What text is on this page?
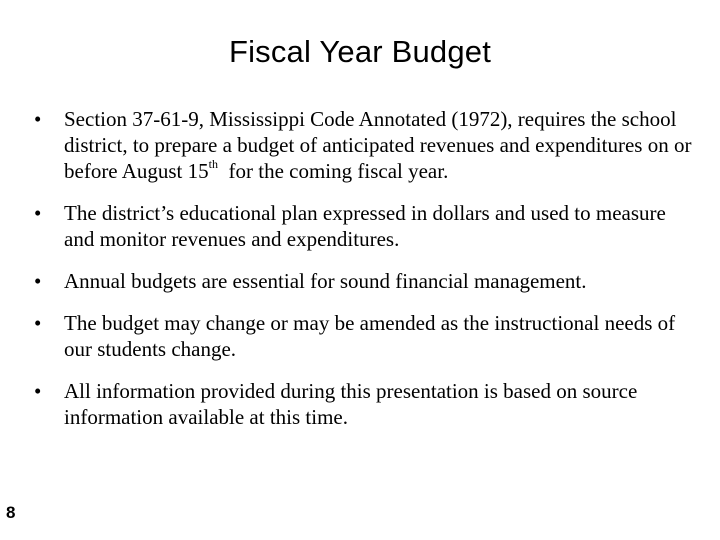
Fiscal Year Budget
•	Section 37-61-9, Mississippi Code Annotated (1972), requires the school district, to prepare a budget of anticipated revenues and expenditures on or before August 15th  for the coming fiscal year.
•	The district’s educational plan expressed in dollars and used to measure and monitor revenues and expenditures.
•	Annual budgets are essential for sound financial management.
•	The budget may change or may be amended as the instructional needs of our students change.
•	All information provided during this presentation is based on source information available at this time.
8
